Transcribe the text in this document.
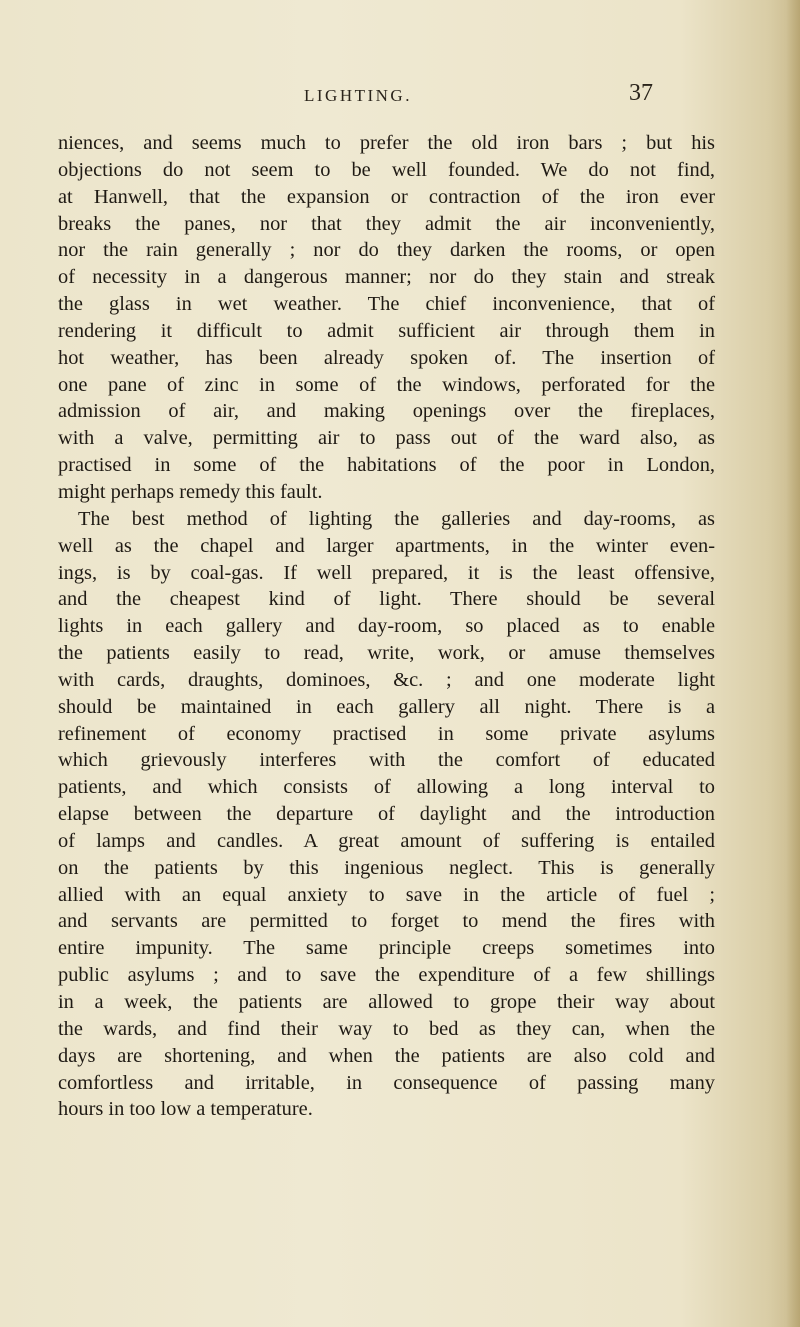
LIGHTING.	37
niences, and seems much to prefer the old iron bars ; but his
objections do not seem to be well founded. We do not find,
at Hanwell, that the expansion or contraction of the iron ever
breaks the panes, nor that they admit the air inconveniently,
nor the rain generally ; nor do they darken the rooms, or open
of necessity in a dangerous manner; nor do they stain and streak
the glass in wet weather. The chief inconvenience, that of
rendering it difficult to admit sufficient air through them in
hot weather, has been already spoken of. The insertion of
one pane of zinc in some of the windows, perforated for the
admission of air, and making openings over the fireplaces,
with a valve, permitting air to pass out of the ward also, as
practised in some of the habitations of the poor in London,
might perhaps remedy this fault.
The best method of lighting the galleries and day-rooms, as
well as the chapel and larger apartments, in the winter even-
ings, is by coal-gas. If well prepared, it is the least offensive,
and the cheapest kind of light. There should be several
lights in each gallery and day-room, so placed as to enable
the patients easily to read, write, work, or amuse themselves
with cards, draughts, dominoes, &c. ; and one moderate light
should be maintained in each gallery all night. There is a
refinement of economy practised in some private asylums
which grievously interferes with the comfort of educated
patients, and which consists of allowing a long interval to
elapse between the departure of daylight and the introduction
of lamps and candles. A great amount of suffering is entailed
on the patients by this ingenious neglect. This is generally
allied with an equal anxiety to save in the article of fuel ;
and servants are permitted to forget to mend the fires with
entire impunity. The same principle creeps sometimes into
public asylums ; and to save the expenditure of a few shillings
in a week, the patients are allowed to grope their way about
the wards, and find their way to bed as they can, when the
days are shortening, and when the patients are also cold and
comfortless and irritable, in consequence of passing many
hours in too low a temperature.
